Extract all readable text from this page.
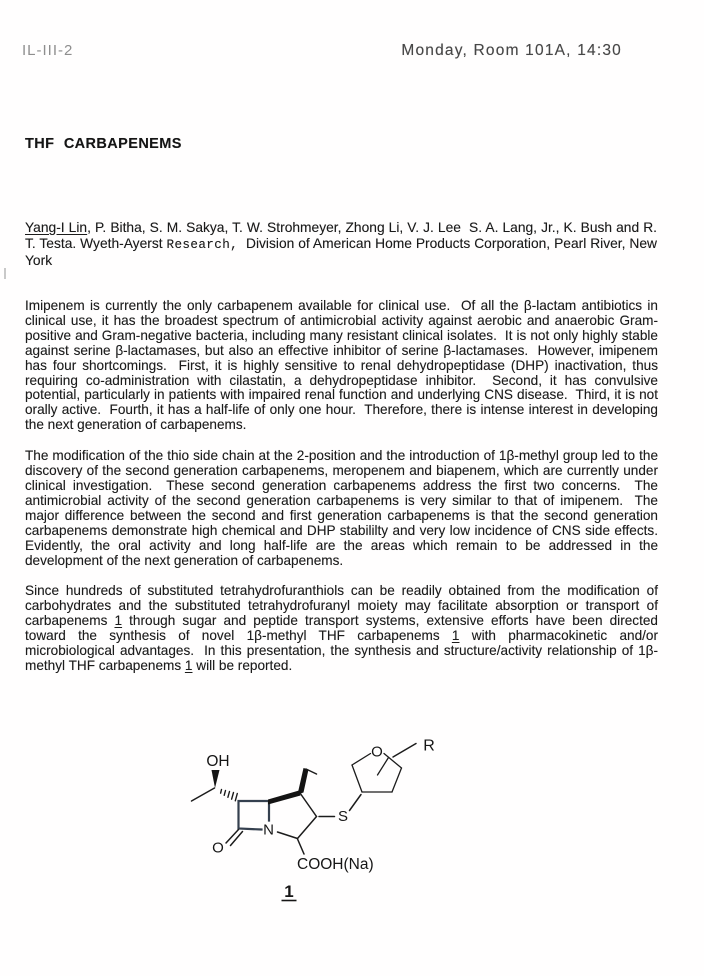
IL-III-2	Monday, Room 101A, 14:30
THF CARBAPENEMS

Yang-I Lin, P. Bitha, S. M. Sakya, T. W. Strohmeyer, Zhong Li, V. J. Lee  S. A. Lang, Jr., K. Bush and R. T. Testa. Wyeth-Ayerst Research,  Division of American Home Products Corporation, Pearl River, New York

Imipenem is currently the only carbapenem available for clinical use.  Of all the β-lactam antibiotics in clinical use, it has the broadest spectrum of antimicrobial activity against aerobic and anaerobic Gram-positive and Gram-negative bacteria, including many resistant clinical isolates.  It is not only highly stable against serine β-lactamases, but also an effective inhibitor of serine β-lactamases.  However, imipenem has four shortcomings.  First, it is highly sensitive to renal dehydropeptidase (DHP) inactivation, thus requiring co-administration with cilastatin, a dehydropeptidase inhibitor.  Second, it has convulsive potential, particularly in patients with impaired renal function and underlying CNS disease.  Third, it is not orally active.  Fourth, it has a half-life of only one hour.  Therefore, there is intense interest in developing the next generation of carbapenems.

The modification of the thio side chain at the 2-position and the introduction of 1β-methyl group led to the discovery of the second generation carbapenems, meropenem and biapenem, which are currently under clinical investigation.  These second generation carbapenems address the first two concerns.  The antimicrobial activity of the second generation carbapenems is very similar to that of imipenem.  The major difference between the second and first generation carbapenems is that the second generation carbapenems demonstrate high chemical and DHP stabililty and very low incidence of CNS side effects.  Evidently, the oral activity and long half-life are the areas which remain to be addressed in the development of the next generation of carbapenems.

Since hundreds of substituted tetrahydrofuranthiols can be readily obtained from the modification of carbohydrates and the substituted tetrahydrofuranyl moiety may facilitate absorption or transport of carbapenems 1 through sugar and peptide transport systems, extensive efforts have been directed toward the synthesis of novel 1β-methyl THF carbapenems 1 with pharmacokinetic and/or microbiological advantages.  In this presentation, the synthesis and structure/activity relationship of 1β-methyl THF carbapenems 1 will be reported.

OH
N
O
S
O	R
COOH(Na)
1
